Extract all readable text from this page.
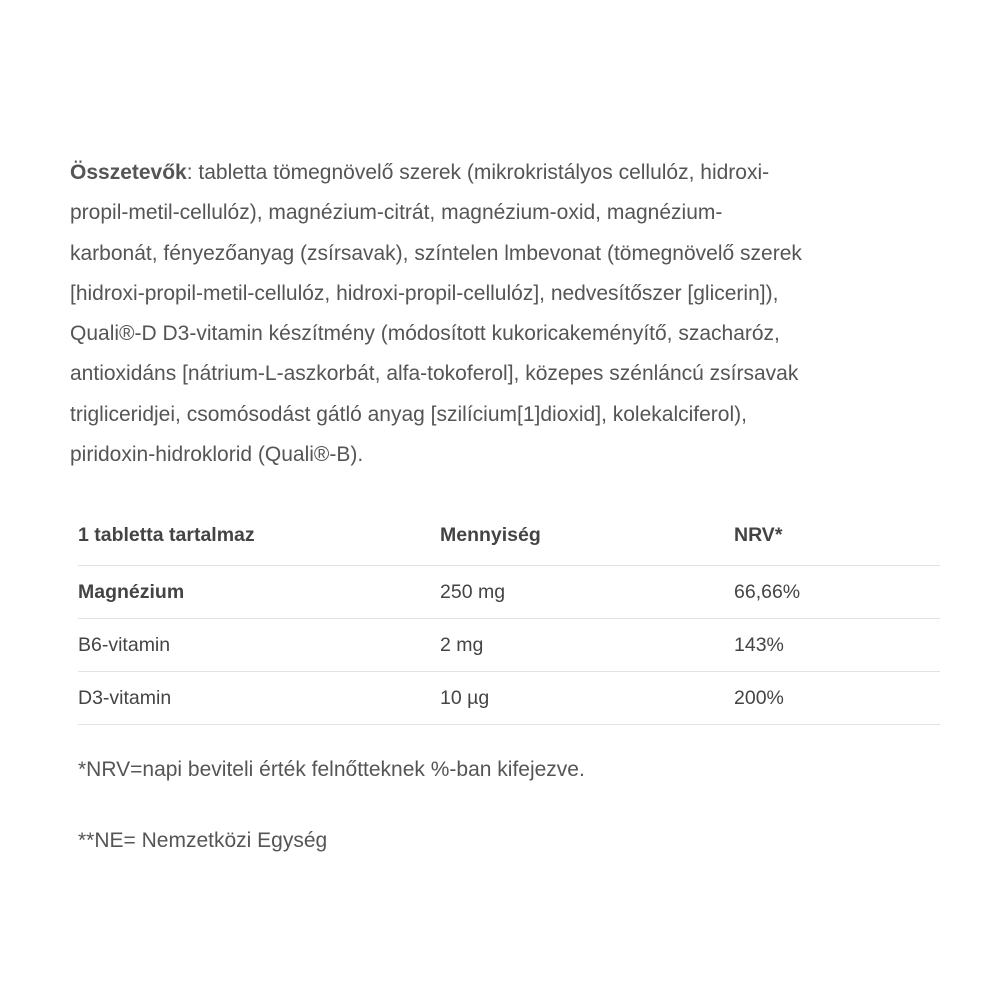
Összetevők: tabletta tömegnövelő szerek (mikrokristályos cellulóz, hidroxi-
propil-metil-cellulóz), magnézium-citrát, magnézium-oxid, magnézium-
karbonát, fényezőanyag (zsírsavak), színtelen lmbevonat (tömegnövelő szerek
[hidroxi-propil-metil-cellulóz, hidroxi-propil-cellulóz], nedvesítőszer [glicerin]),
Quali®-D D3-vitamin készítmény (módosított kukoricakeményítő, szacharóz,
antioxidáns [nátrium-L-aszkorbát, alfa-tokoferol], közepes szénláncú zsírsavak
trigliceridjei, csomósodást gátló anyag [szilícium[1]dioxid], kolekalciferol),
piridoxin-hidroklorid (Quali®-B).

1 tabletta tartalmaz	Mennyiség	NRV*
Magnézium	250 mg	66,66%
B6-vitamin	2 mg	143%
D3-vitamin	10 µg	200%

*NRV=napi beviteli érték felnőtteknek %-ban kifejezve.

**NE= Nemzetközi Egység
